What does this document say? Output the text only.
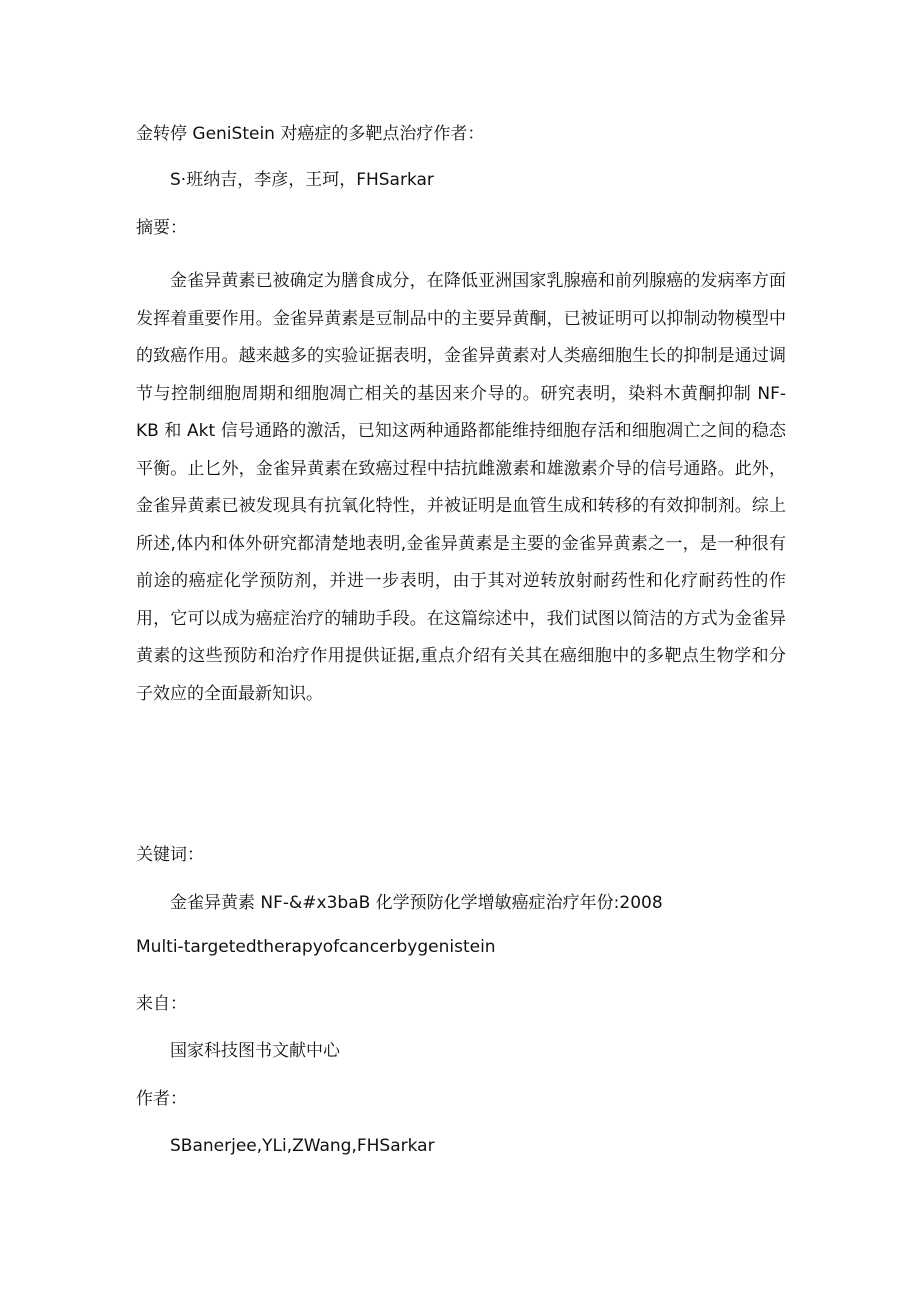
金转停 GeniStein 对癌症的多靶点治疗作者：
S·班纳吉，李彦，王珂，FHSarkar
摘要：

金雀异黄素已被确定为膳食成分，在降低亚洲国家乳腺癌和前列腺癌的发病率方面发挥着重要作用。金雀异黄素是豆制品中的主要异黄酮，已被证明可以抑制动物模型中的致癌作用。越来越多的实验证据表明，金雀异黄素对人类癌细胞生长的抑制是通过调节与控制细胞周期和细胞凋亡相关的基因来介导的。研究表明，染料木黄酮抑制 NF-KB 和 Akt 信号通路的激活，已知这两种通路都能维持细胞存活和细胞凋亡之间的稳态平衡。止匕外，金雀异黄素在致癌过程中拮抗雌激素和雄激素介导的信号通路。此外，金雀异黄素已被发现具有抗氧化特性，并被证明是血管生成和转移的有效抑制剂。综上所述,体内和体外研究都清楚地表明,金雀异黄素是主要的金雀异黄素之一，是一种很有前途的癌症化学预防剂，并进一步表明，由于其对逆转放射耐药性和化疗耐药性的作用，它可以成为癌症治疗的辅助手段。在这篇综述中，我们试图以简洁的方式为金雀异黄素的这些预防和治疗作用提供证据,重点介绍有关其在癌细胞中的多靶点生物学和分子效应的全面最新知识。

关键词：
金雀异黄素 NF-&#x3baB 化学预防化学增敏癌症治疗年份:2008
Multi-targetedtherapyofcancerbygenistein
来自：
国家科技图书文献中心
作者：
SBanerjee,YLi,ZWang,FHSarkar
